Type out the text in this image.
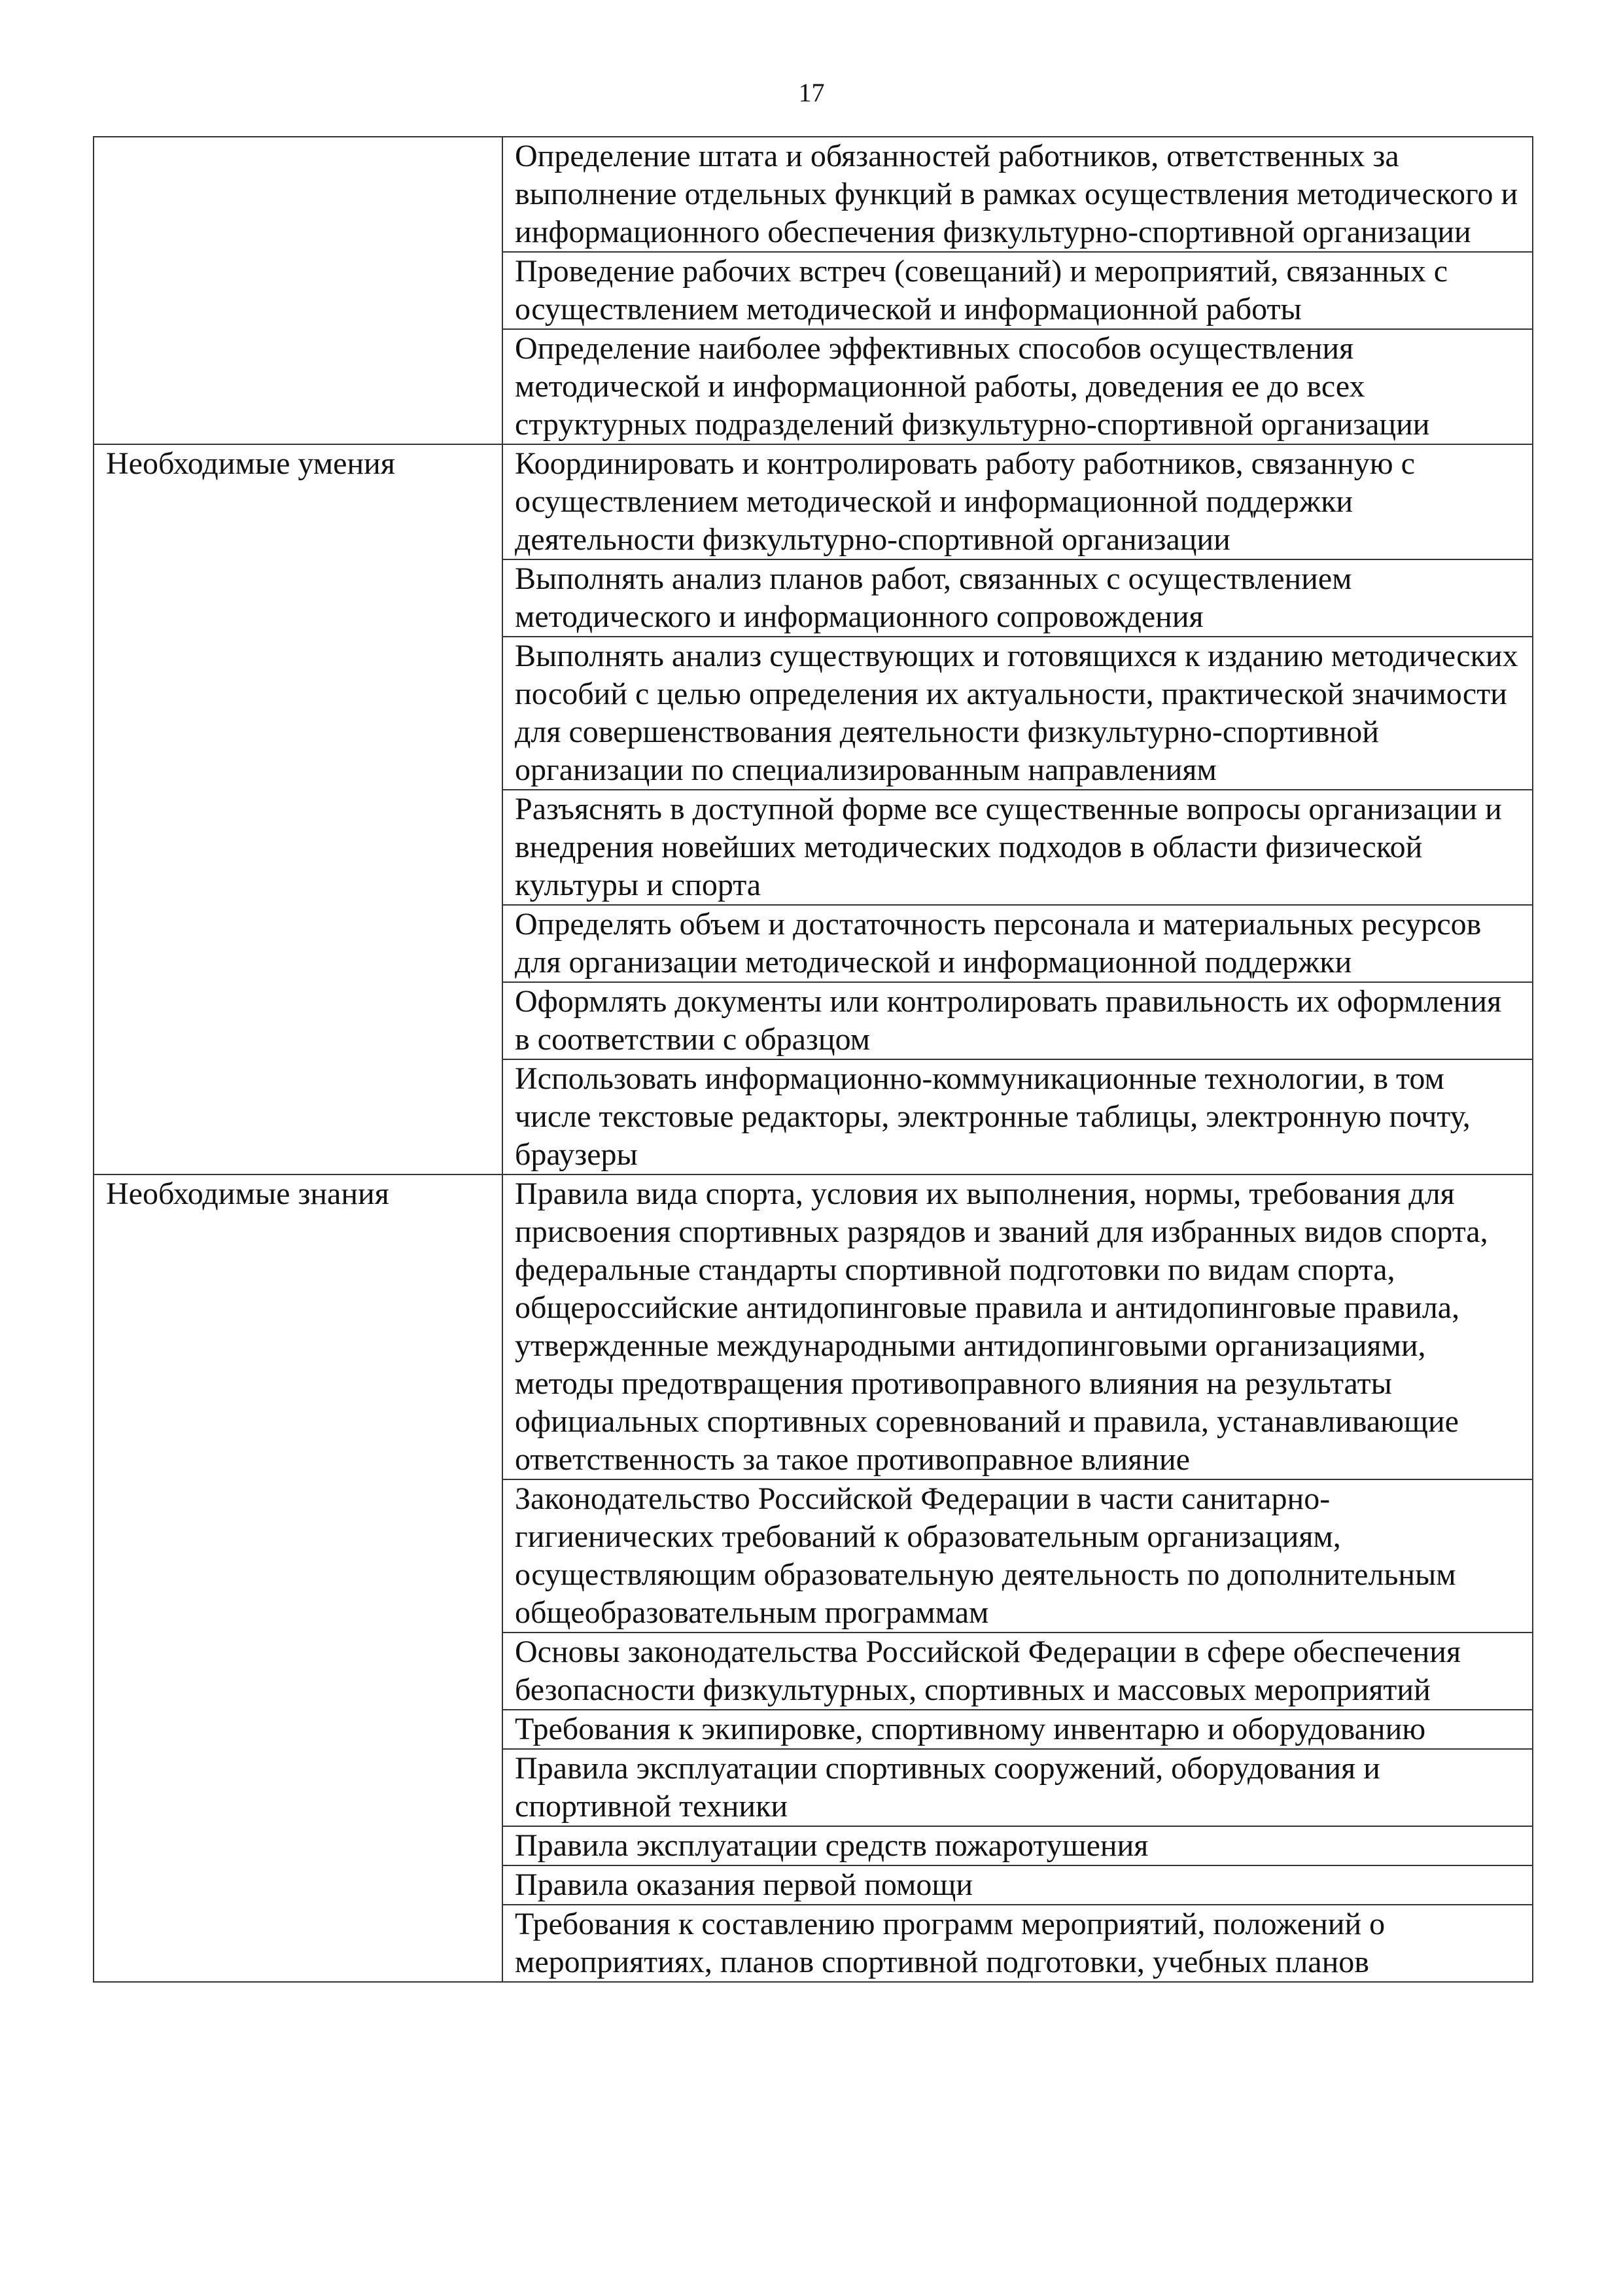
17
	Определение штата и обязанностей работников, ответственных за выполнение отдельных функций в рамках осуществления методического и информационного обеспечения физкультурно-спортивной организации
	Проведение рабочих встреч (совещаний) и мероприятий, связанных с осуществлением методической и информационной работы
	Определение наиболее эффективных способов осуществления методической и информационной работы, доведения ее до всех структурных подразделений физкультурно-спортивной организации
Необходимые умения	Координировать и контролировать работу работников, связанную с осуществлением методической и информационной поддержки деятельности физкультурно-спортивной организации
	Выполнять анализ планов работ, связанных с осуществлением методического и информационного сопровождения
	Выполнять анализ существующих и готовящихся к изданию методических пособий с целью определения их актуальности, практической значимости для совершенствования деятельности физкультурно-спортивной организации по специализированным направлениям
	Разъяснять в доступной форме все существенные вопросы организации и внедрения новейших методических подходов в области физической культуры и спорта
	Определять объем и достаточность персонала и материальных ресурсов для организации методической и информационной поддержки
	Оформлять документы или контролировать правильность их оформления в соответствии с образцом
	Использовать информационно-коммуникационные технологии, в том числе текстовые редакторы, электронные таблицы, электронную почту, браузеры
Необходимые знания	Правила вида спорта, условия их выполнения, нормы, требования для присвоения спортивных разрядов и званий для избранных видов спорта, федеральные стандарты спортивной подготовки по видам спорта, общероссийские антидопинговые правила и антидопинговые правила, утвержденные международными антидопинговыми организациями, методы предотвращения противоправного влияния на результаты официальных спортивных соревнований и правила, устанавливающие ответственность за такое противоправное влияние
	Законодательство Российской Федерации в части санитарно-гигиенических требований к образовательным организациям, осуществляющим образовательную деятельность по дополнительным общеобразовательным программам
	Основы законодательства Российской Федерации в сфере обеспечения безопасности физкультурных, спортивных и массовых мероприятий
	Требования к экипировке, спортивному инвентарю и оборудованию
	Правила эксплуатации спортивных сооружений, оборудования и спортивной техники
	Правила эксплуатации средств пожаротушения
	Правила оказания первой помощи
	Требования к составлению программ мероприятий, положений о мероприятиях, планов спортивной подготовки, учебных планов
